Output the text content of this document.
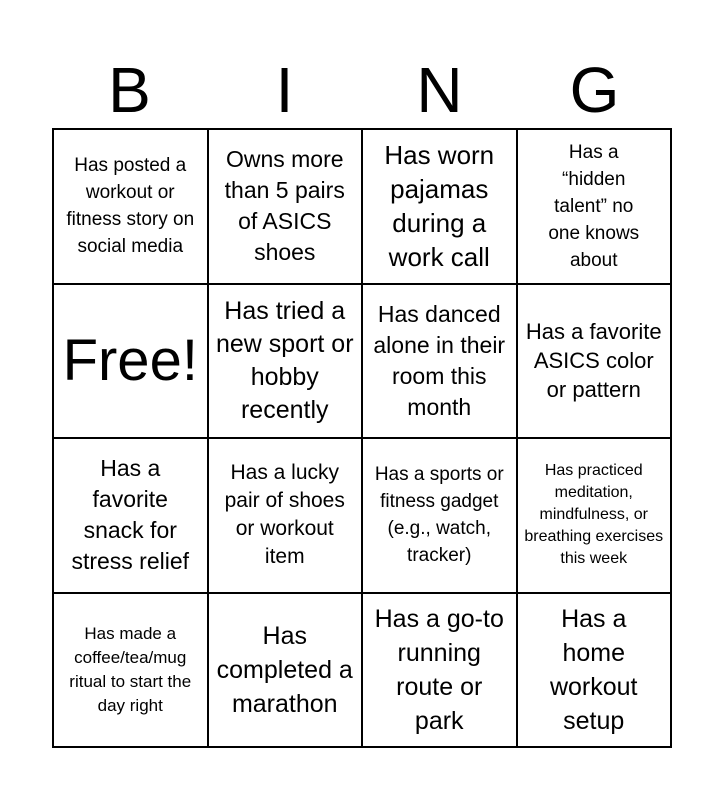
B	I	N	G
Has posted a workout or fitness story on social media
Owns more than 5 pairs of ASICS shoes
Has worn pajamas during a work call
Has a “hidden talent” no one knows about
Free!
Has tried a new sport or hobby recently
Has danced alone in their room this month
Has a favorite ASICS color or pattern
Has a favorite snack for stress relief
Has a lucky pair of shoes or workout item
Has a sports or fitness gadget (e.g., watch, tracker)
Has practiced meditation, mindfulness, or breathing exercises this week
Has made a coffee/tea/mug ritual to start the day right
Has completed a marathon
Has a go-to running route or park
Has a home workout setup
